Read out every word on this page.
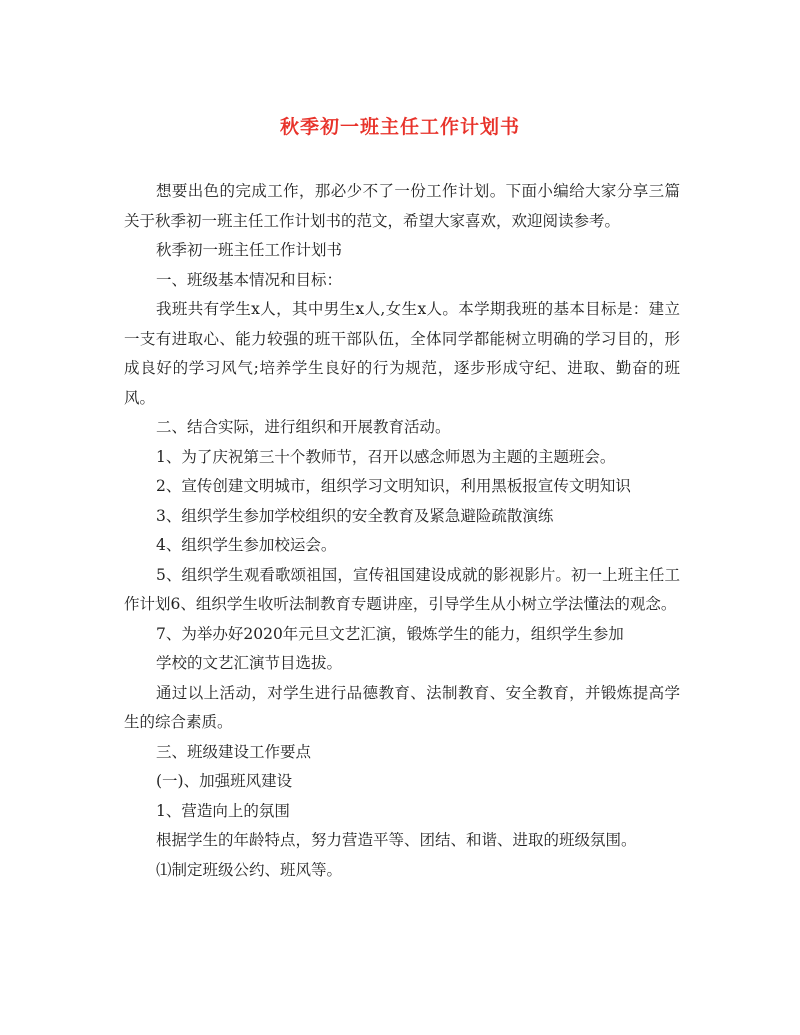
秋季初一班主任工作计划书

想要出色的完成工作，那必少不了一份工作计划。下面小编给大家分享三篇关于秋季初一班主任工作计划书的范文，希望大家喜欢，欢迎阅读参考。

秋季初一班主任工作计划书

一、班级基本情况和目标：

我班共有学生x人，其中男生x人,女生x人。本学期我班的基本目标是：建立一支有进取心、能力较强的班干部队伍，全体同学都能树立明确的学习目的，形成良好的学习风气;培养学生良好的行为规范，逐步形成守纪、进取、勤奋的班风。

二、结合实际，进行组织和开展教育活动。

1、为了庆祝第三十个教师节，召开以感念师恩为主题的主题班会。

2、宣传创建文明城市，组织学习文明知识，利用黑板报宣传文明知识

3、组织学生参加学校组织的安全教育及紧急避险疏散演练

4、组织学生参加校运会。

5、组织学生观看歌颂祖国，宣传祖国建设成就的影视影片。初一上班主任工作计划6、组织学生收听法制教育专题讲座，引导学生从小树立学法懂法的观念。

7、为举办好2020年元旦文艺汇演，锻炼学生的能力，组织学生参加

学校的文艺汇演节目选拔。

通过以上活动，对学生进行品德教育、法制教育、安全教育，并锻炼提高学生的综合素质。

三、班级建设工作要点

(一)、加强班风建设

1、营造向上的氛围

根据学生的年龄特点，努力营造平等、团结、和谐、进取的班级氛围。

⑴制定班级公约、班风等。
